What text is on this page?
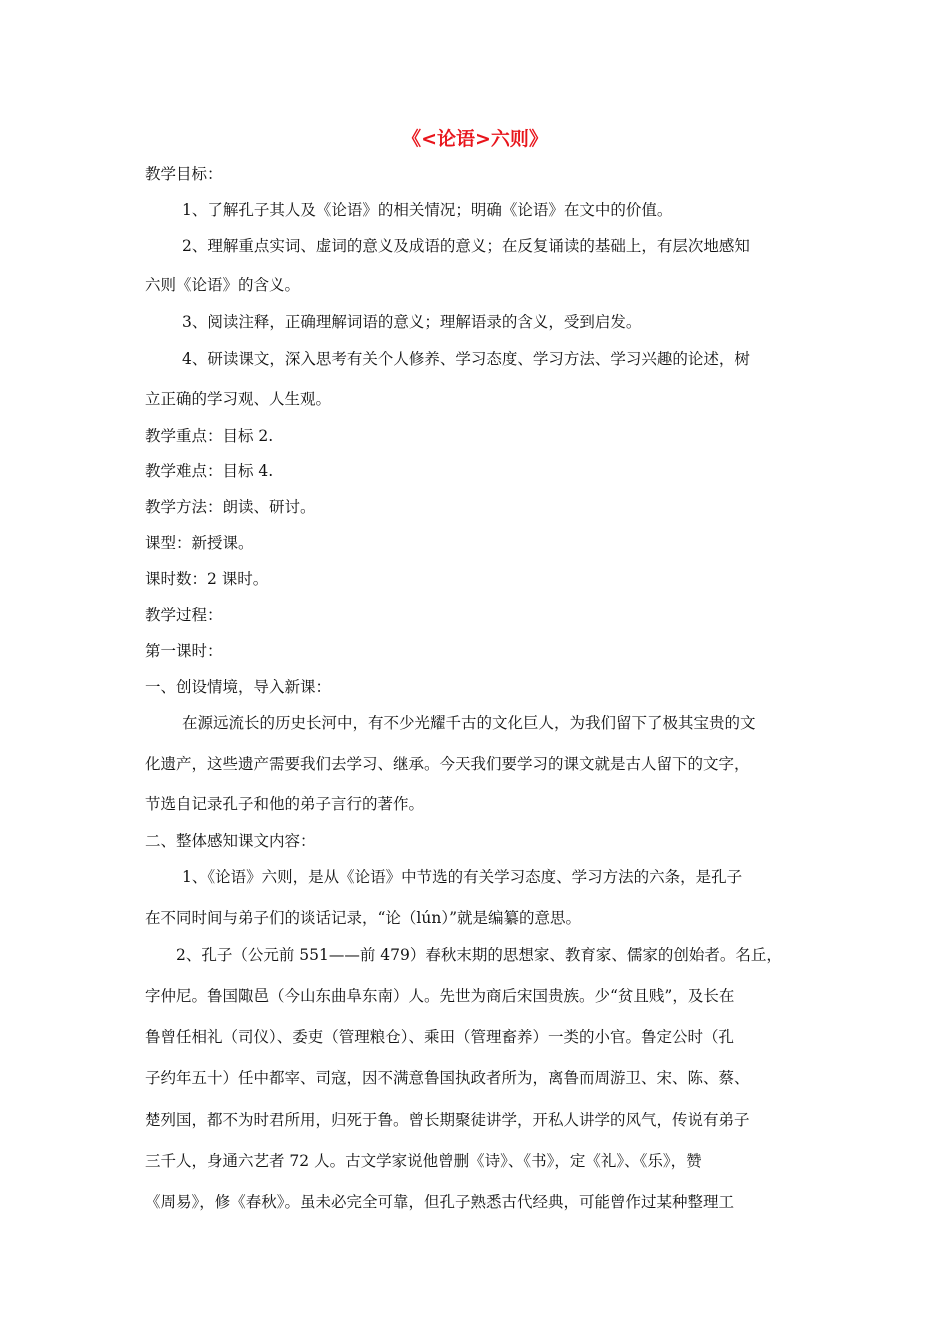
《<论语>六则》
教学目标：
1、了解孔子其人及《论语》的相关情况；明确《论语》在文中的价值。
2、理解重点实词、虚词的意义及成语的意义；在反复诵读的基础上，有层次地感知
六则《论语》的含义。
3、阅读注释，正确理解词语的意义；理解语录的含义，受到启发。
4、研读课文，深入思考有关个人修养、学习态度、学习方法、学习兴趣的论述，树
立正确的学习观、人生观。
教学重点：目标 2.
教学难点：目标 4.
教学方法：朗读、研讨。
课型：新授课。
课时数：2 课时。
教学过程：
第一课时：
一、创设情境，导入新课：
在源远流长的历史长河中，有不少光耀千古的文化巨人，为我们留下了极其宝贵的文
化遗产，这些遗产需要我们去学习、继承。今天我们要学习的课文就是古人留下的文字，
节选自记录孔子和他的弟子言行的著作。
二、整体感知课文内容：
1、《论语》六则，是从《论语》中节选的有关学习态度、学习方法的六条，是孔子
在不同时间与弟子们的谈话记录，“论（lún）”就是编纂的意思。
2、孔子（公元前 551——前 479）春秋末期的思想家、教育家、儒家的创始者。名丘，
字仲尼。鲁国陬邑（今山东曲阜东南）人。先世为商后宋国贵族。少“贫且贱”，及长在
鲁曾任相礼（司仪）、委吏（管理粮仓）、乘田（管理畜养）一类的小官。鲁定公时（孔
子约年五十）任中都宰、司寇，因不满意鲁国执政者所为，离鲁而周游卫、宋、陈、蔡、
楚列国，都不为时君所用，归死于鲁。曾长期聚徒讲学，开私人讲学的风气，传说有弟子
三千人，身通六艺者 72 人。古文学家说他曾删《诗》、《书》，定《礼》、《乐》，赞
《周易》，修《春秋》。虽未必完全可靠，但孔子熟悉古代经典，可能曾作过某种整理工
